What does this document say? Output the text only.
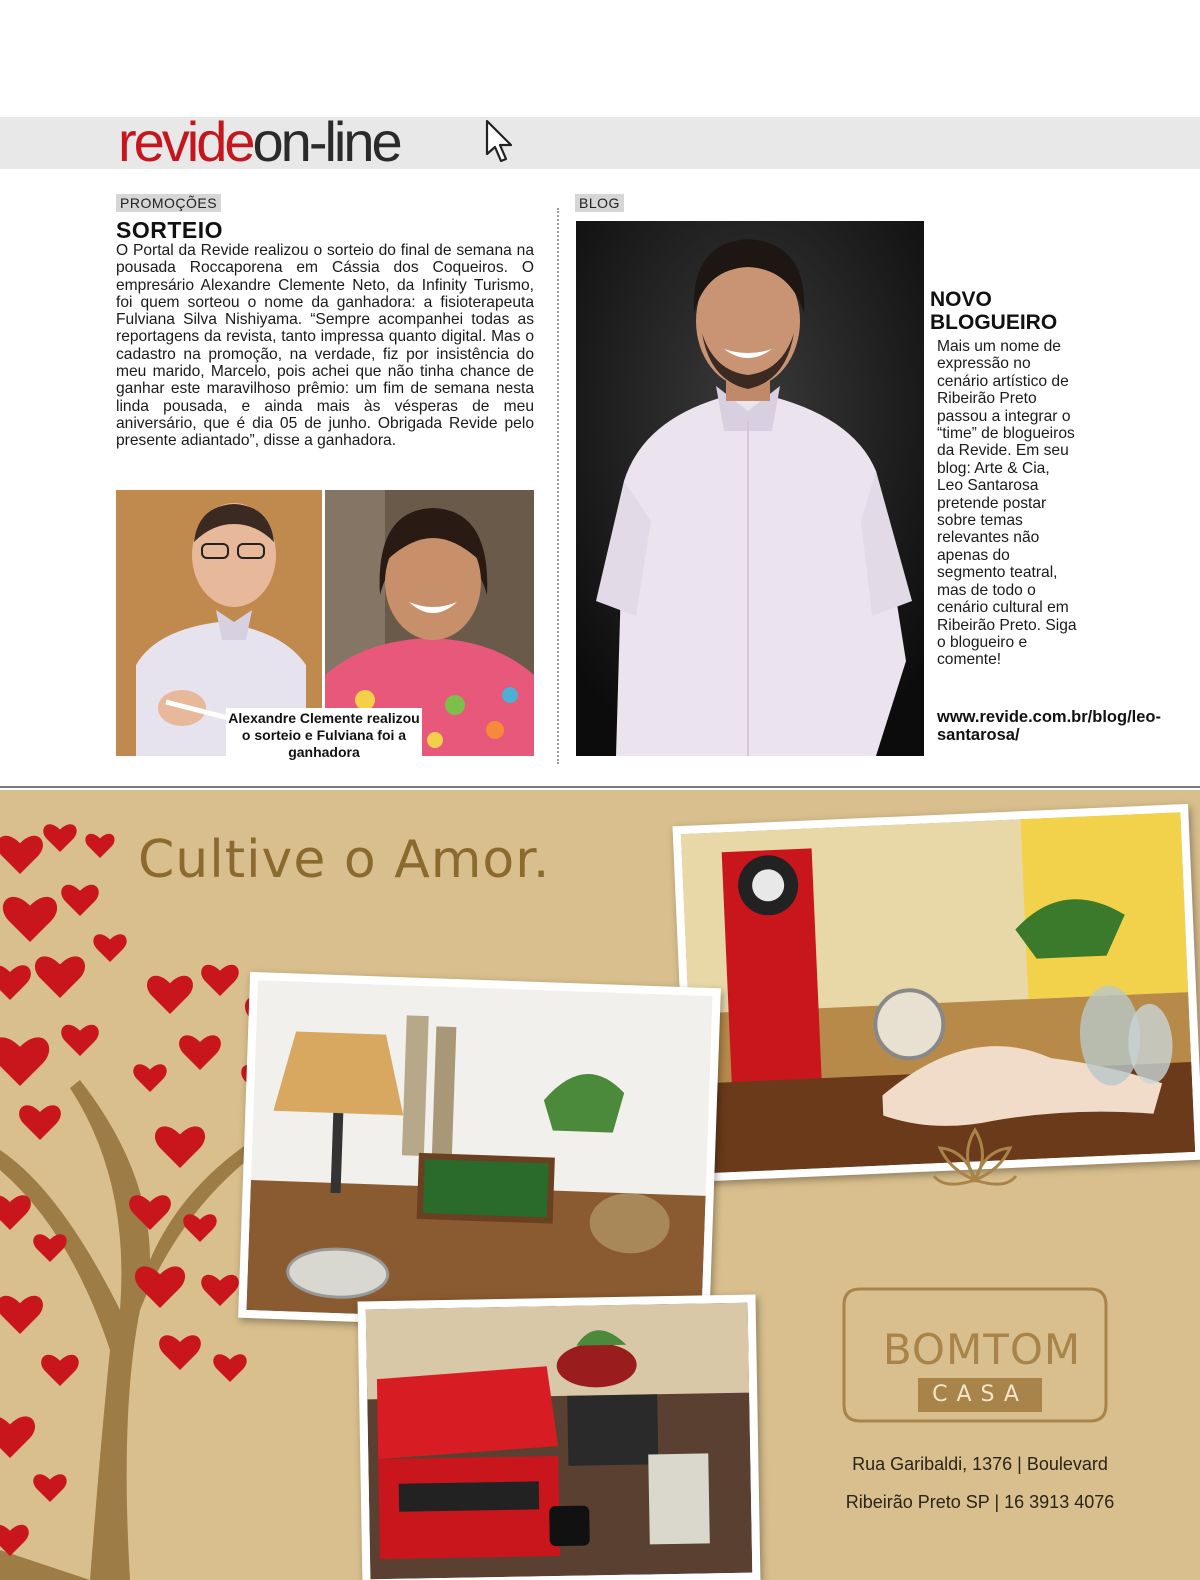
revideon-line
PROMOÇÕES
SORTEIO

O Portal da Revide realizou o sorteio do final de semana na pousada Roccaporena em Cássia dos Coqueiros. O empresário Alexandre Clemente Neto, da Infinity Turismo, foi quem sorteou o nome da ganhadora: a fisioterapeuta Fulviana Silva Nishiyama. “Sempre acompanhei todas as reportagens da revista, tanto impressa quanto digital. Mas o cadastro na promoção, na verdade, fiz por insistência do meu marido, Marcelo, pois achei que não tinha chance de ganhar este maravilhoso prêmio: um fim de semana nesta linda pousada, e ainda mais às vésperas de meu aniversário, que é dia 05 de junho. Obrigada Revide pelo presente adiantado”, disse a ganhadora.

Alexandre Clemente realizou o sorteio e Fulviana foi a ganhadora
BLOG
NOVO BLOGUEIRO
Mais um nome de expressão no cenário artístico de Ribeirão Preto passou a integrar o “time” de blogueiros da Revide. Em seu blog: Arte & Cia, Leo Santarosa pretende postar sobre temas relevantes não apenas do segmento teatral, mas de todo o cenário cultural em Ribeirão Preto. Siga o blogueiro e comente!
www.revide.com.br/blog/leo-santarosa/
Cultive o Amor.
BOMTOM
CASA
Rua Garibaldi, 1376 | Boulevard
Ribeirão Preto SP | 16 3913 4076
